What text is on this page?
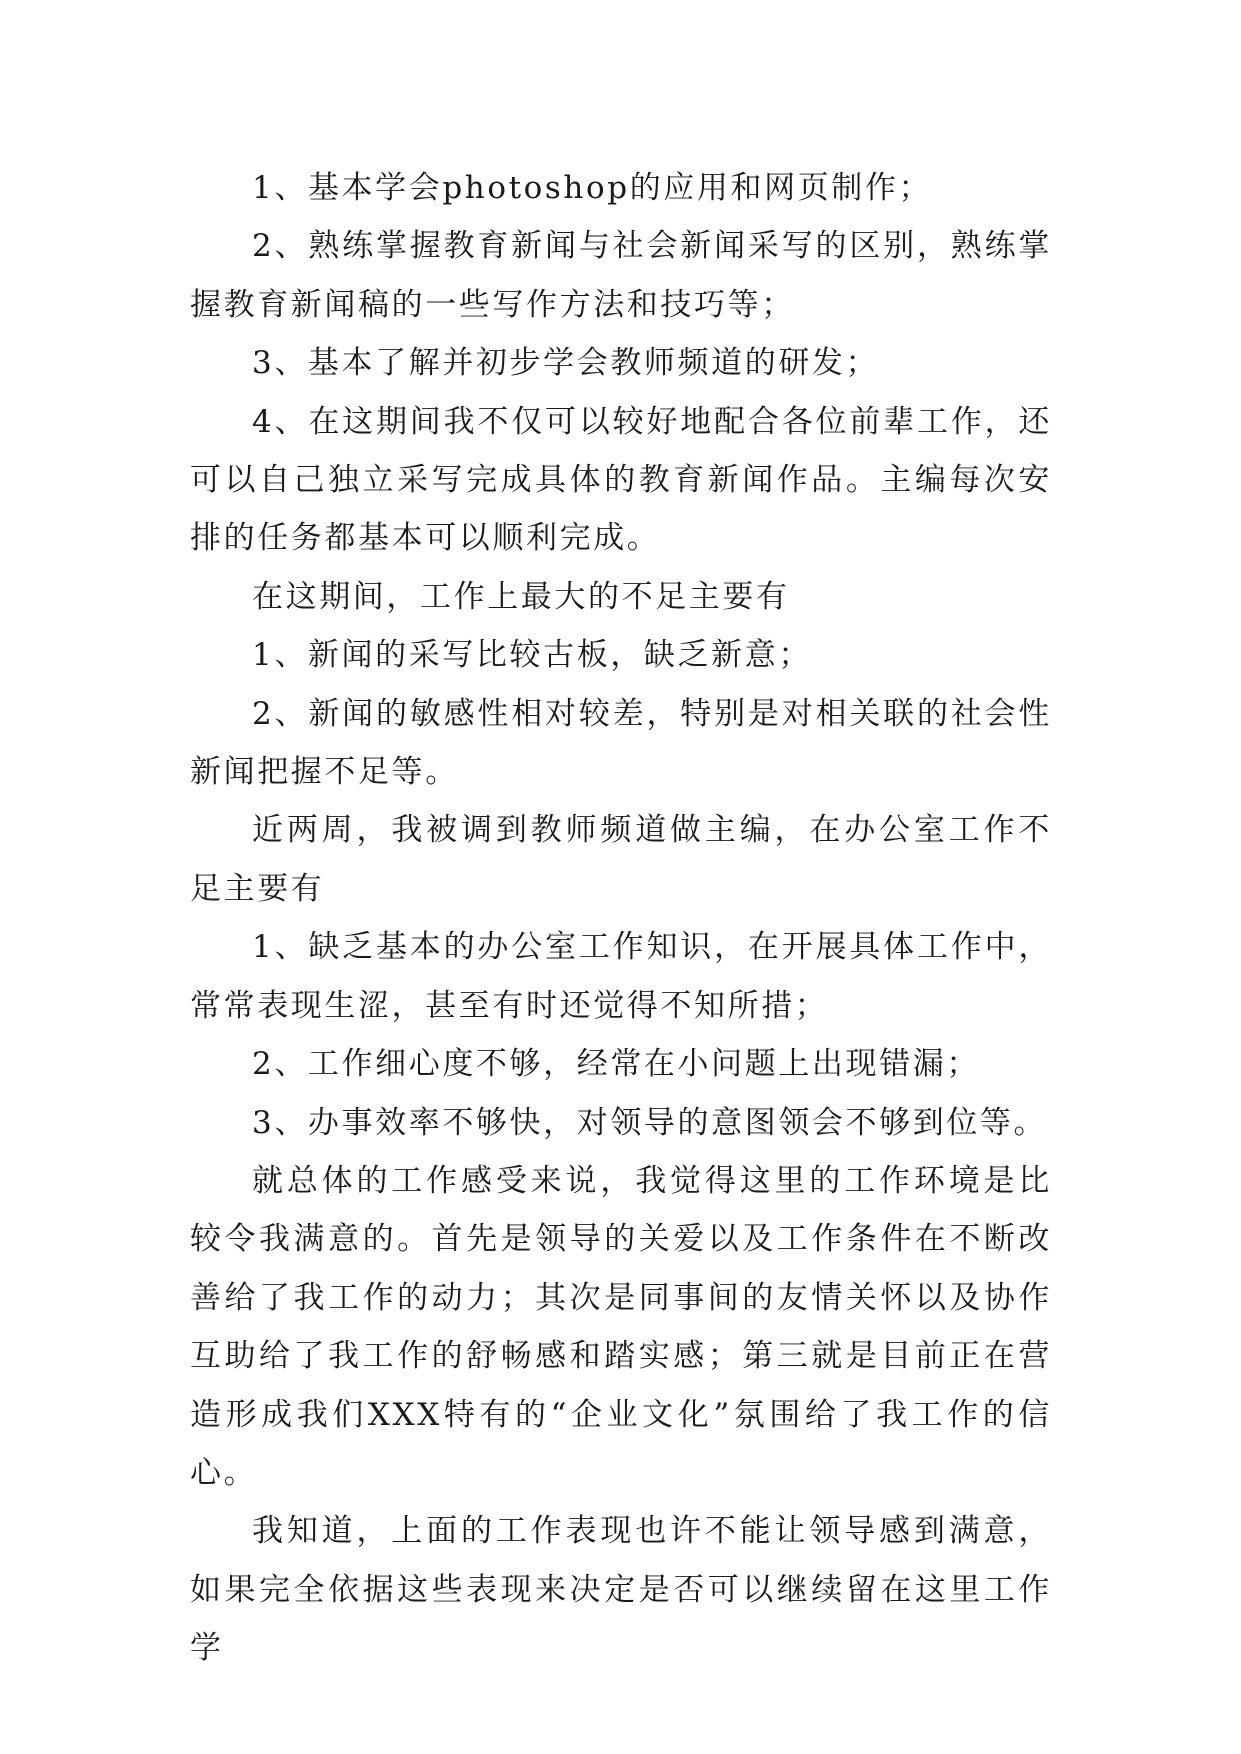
1、基本学会photoshop的应用和网页制作；

2、熟练掌握教育新闻与社会新闻采写的区别，熟练掌握教育新闻稿的一些写作方法和技巧等；

3、基本了解并初步学会教师频道的研发；

4、在这期间我不仅可以较好地配合各位前辈工作，还可以自己独立采写完成具体的教育新闻作品。主编每次安排的任务都基本可以顺利完成。

在这期间，工作上最大的不足主要有

1、新闻的采写比较古板，缺乏新意；

2、新闻的敏感性相对较差，特别是对相关联的社会性新闻把握不足等。

近两周，我被调到教师频道做主编，在办公室工作不足主要有

1、缺乏基本的办公室工作知识，在开展具体工作中，常常表现生涩，甚至有时还觉得不知所措；

2、工作细心度不够，经常在小问题上出现错漏；

3、办事效率不够快，对领导的意图领会不够到位等。

就总体的工作感受来说，我觉得这里的工作环境是比较令我满意的。首先是领导的关爱以及工作条件在不断改善给了我工作的动力；其次是同事间的友情关怀以及协作互助给了我工作的舒畅感和踏实感；第三就是目前正在营造形成我们XXX特有的“企业文化”氛围给了我工作的信心。

我知道，上面的工作表现也许不能让领导感到满意，如果完全依据这些表现来决定是否可以继续留在这里工作学
